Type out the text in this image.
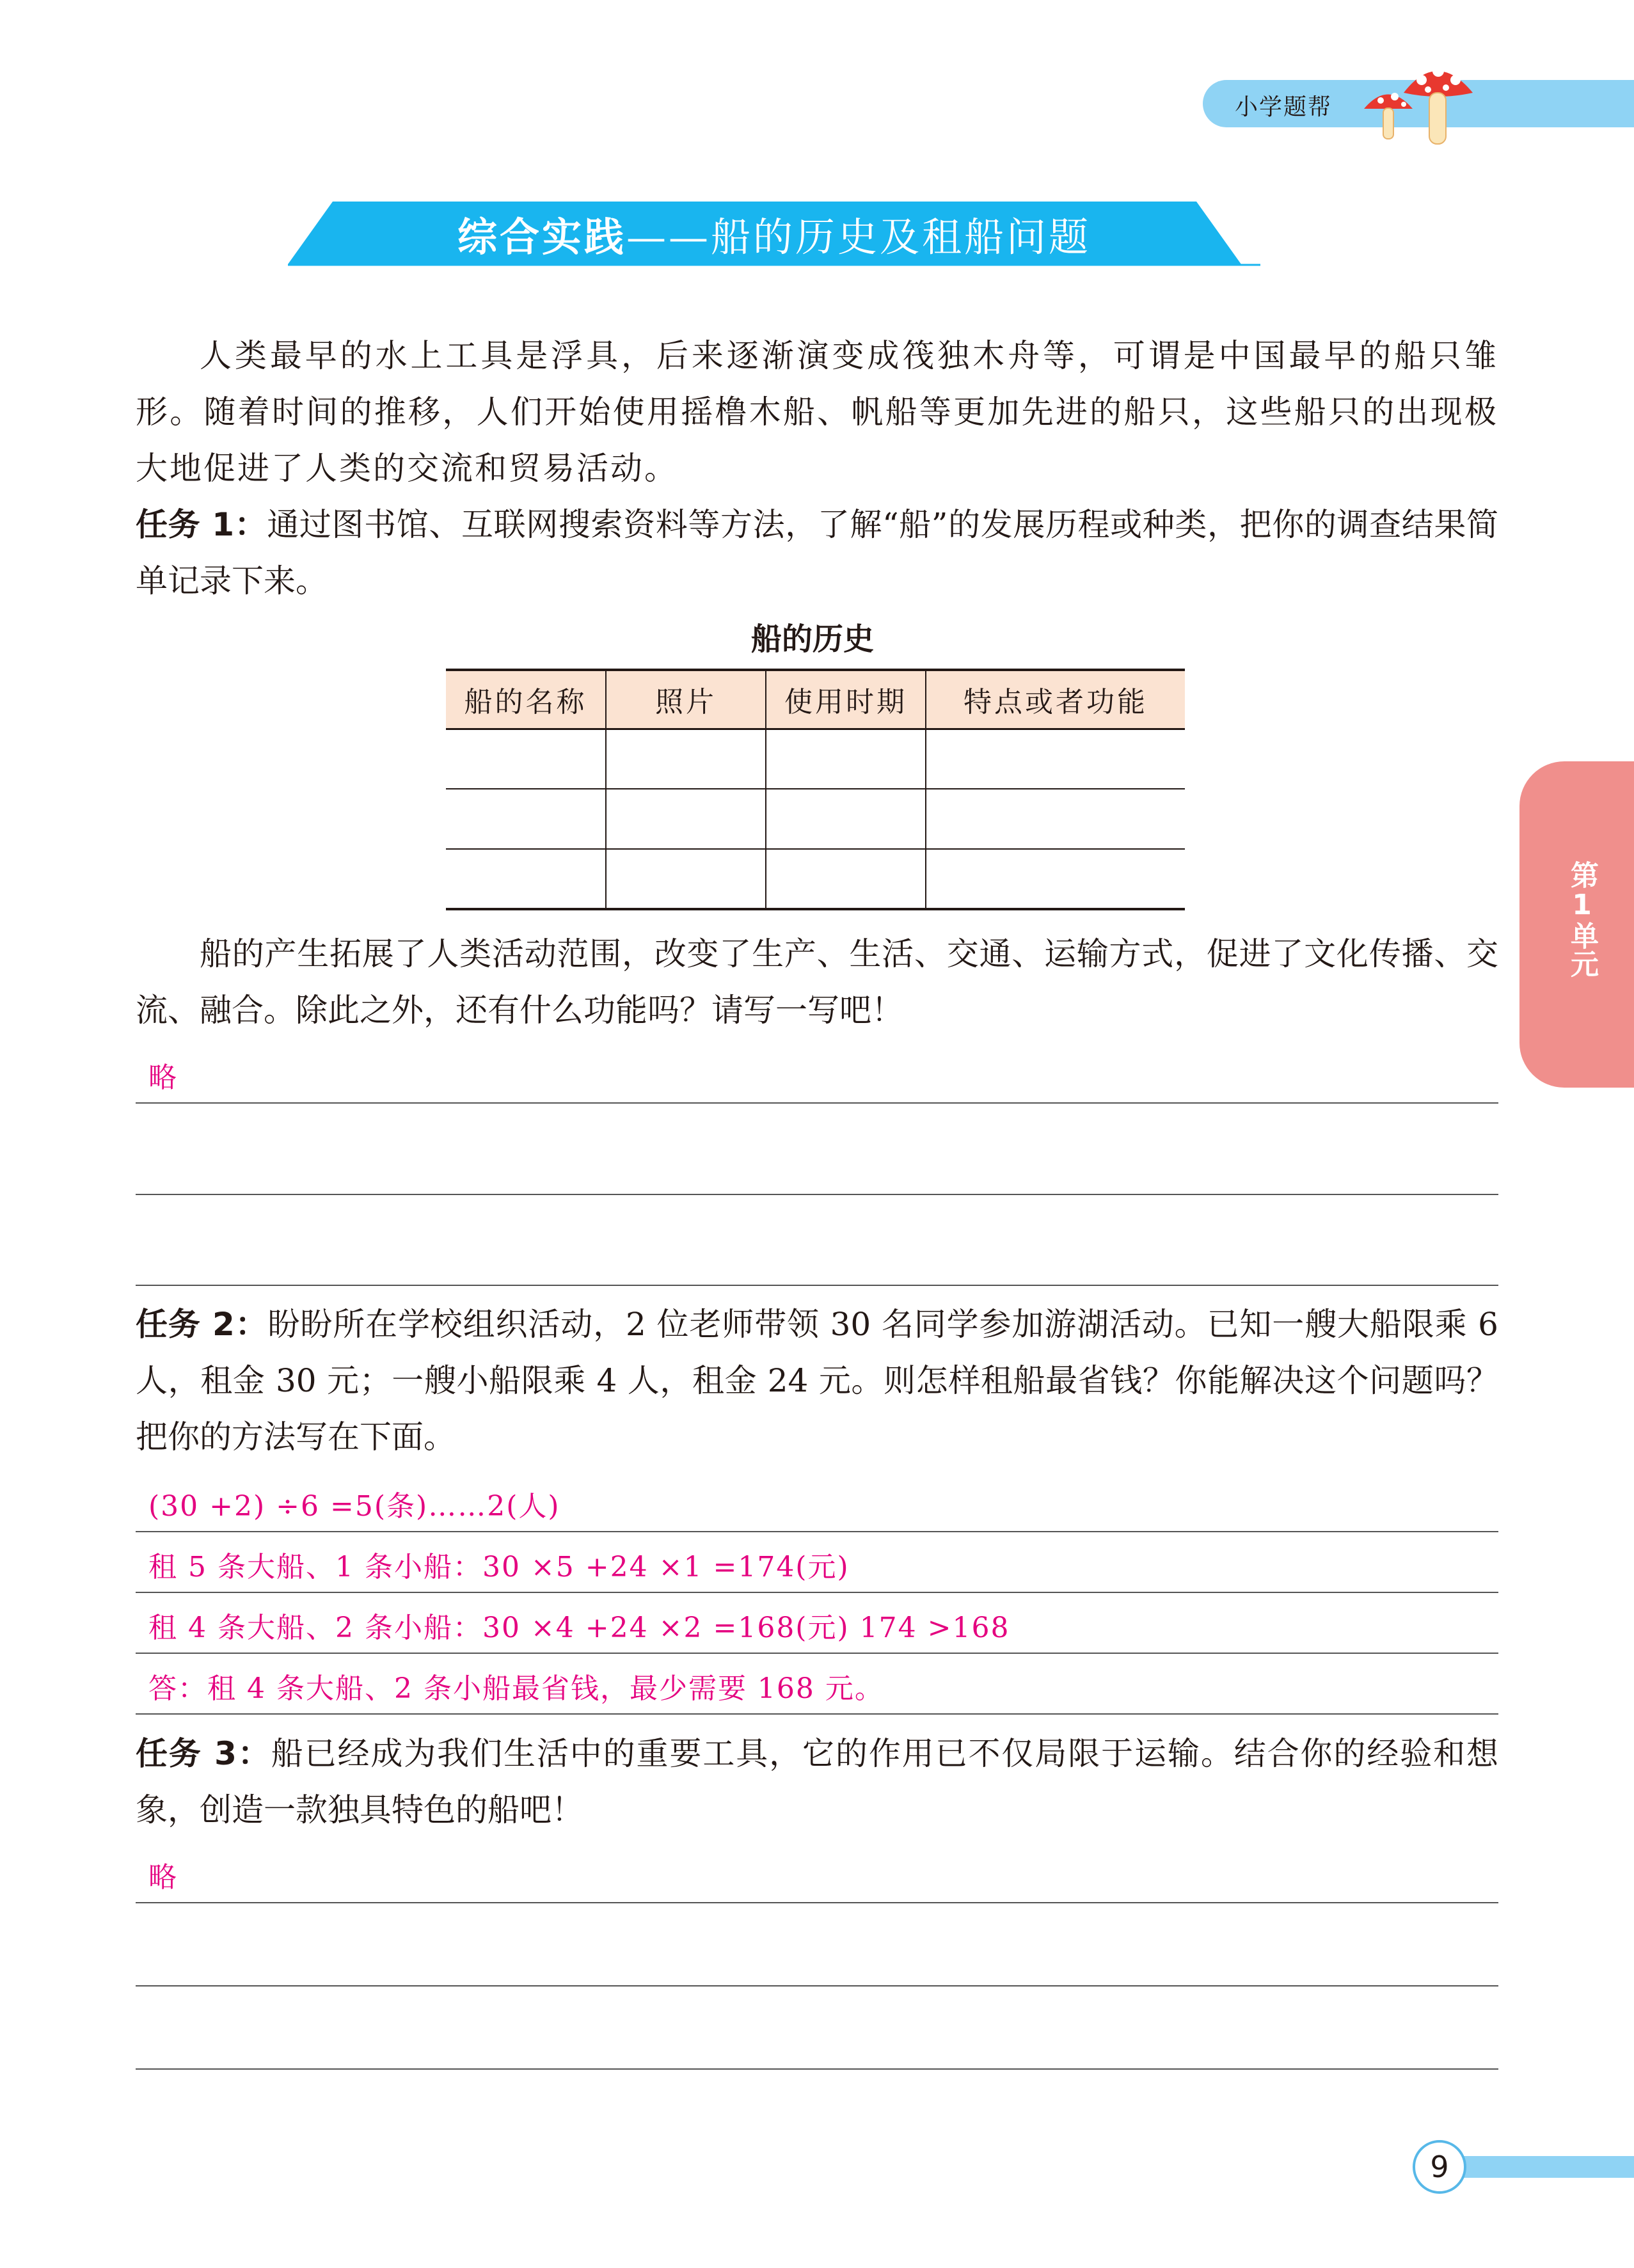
小学题帮
综合实践 ——船的历史及租船问题

人类最早的水上工具是浮具，后来逐渐演变成筏独木舟等，可谓是中国最早的船只雏形。随着时间的推移，人们开始使用摇橹木船、帆船等更加先进的船只，这些船只的出现极大地促进了人类的交流和贸易活动。

任务 1：通过图书馆、互联网搜索资料等方法，了解“船”的发展历程或种类，把你的调查结果简单记录下来。

船的历史
船的名称	照片	使用时期	特点或者功能

船的产生拓展了人类活动范围，改变了生产、生活、交通、运输方式，促进了文化传播、交流、融合。除此之外，还有什么功能吗？请写一写吧！

略

任务 2：盼盼所在学校组织活动，2 位老师带领 30 名同学参加游湖活动。已知一艘大船限乘 6 人，租金 30 元；一艘小船限乘 4 人，租金 24 元。则怎样租船最省钱？你能解决这个问题吗？把你的方法写在下面。

(30 +2) ÷6 =5(条)……2(人)
租 5 条大船、1 条小船：30 ×5 +24 ×1 =174(元)
租 4 条大船、2 条小船：30 ×4 +24 ×2 =168(元) 174 >168
答：租 4 条大船、2 条小船最省钱，最少需要 168 元。

任务 3：船已经成为我们生活中的重要工具，它的作用已不仅局限于运输。结合你的经验和想象，创造一款独具特色的船吧！

略
第1单元
9
